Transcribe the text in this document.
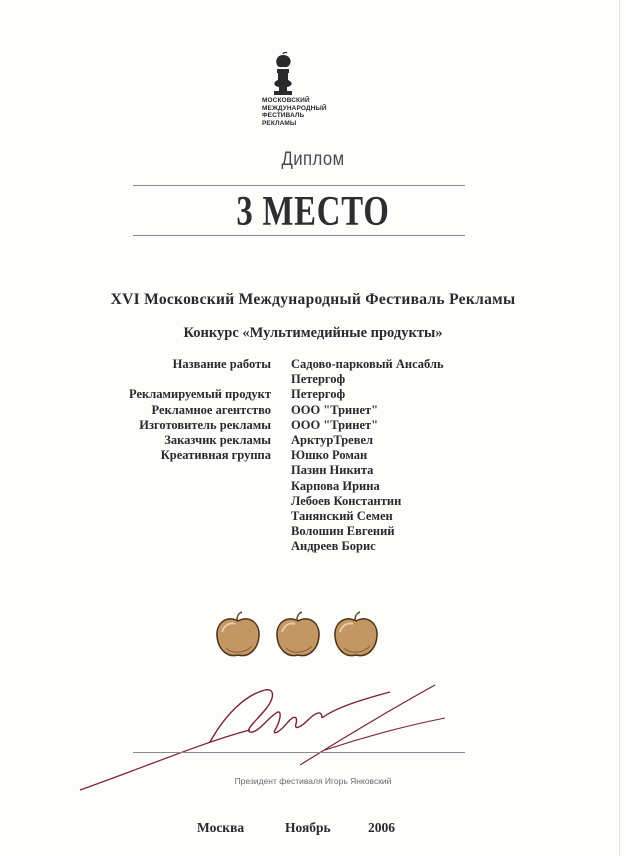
МОСКОВСКИЙ
МЕЖДУНАРОДНЫЙ
ФЕСТИВАЛЬ
РЕКЛАМЫ
Диплом
3 МЕСТО
XVI Московский Международный Фестиваль Рекламы
Конкурс «Мультимедийные продукты»
Название работы	Садово-парковый Ансабль
Петергоф
Рекламируемый продукт	Петергоф
Рекламное агентство	ООО "Тринет"
Изготовитель рекламы	ООО "Тринет"
Заказчик рекламы	АрктурТревел
Креативная группа	Юшко Роман
Пазин Никита
Карпова Ирина
Лебоев Константин
Танянский Семен
Волошин Евгений
Андреев Борис
Президент фестиваля Игорь Янковский
Москва	Ноябрь	2006
